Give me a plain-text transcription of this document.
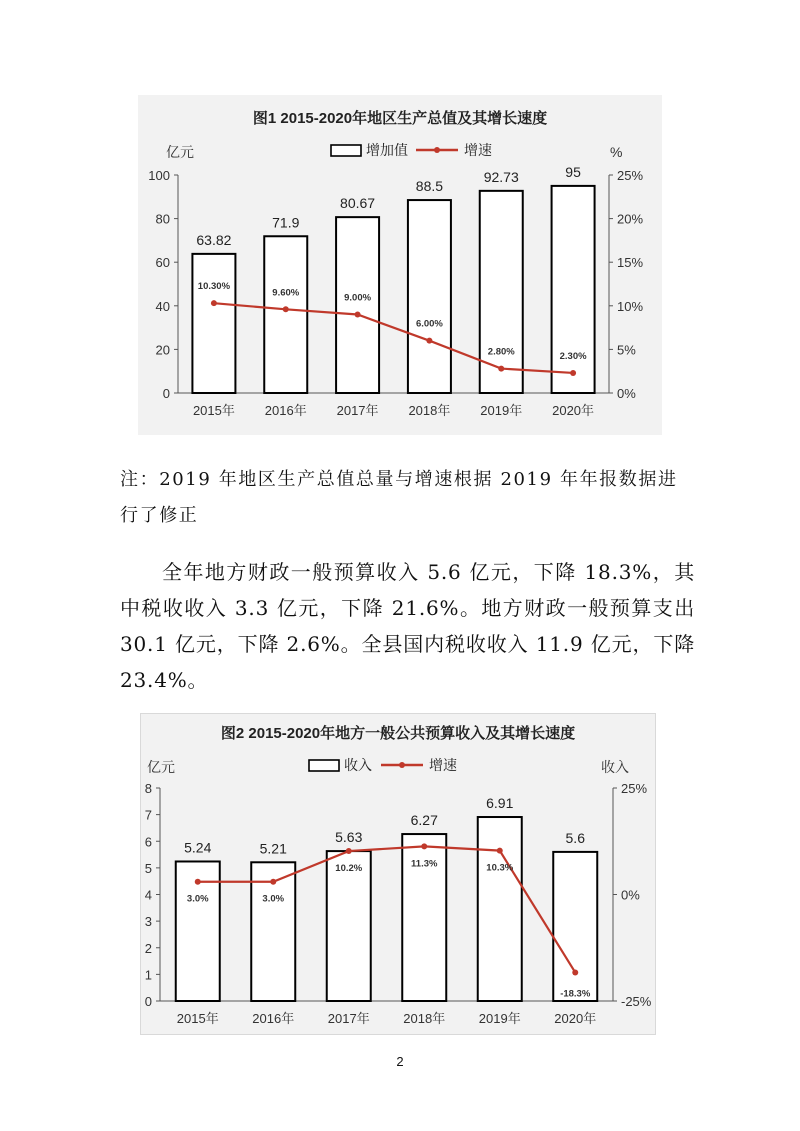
图1 2015-2020年地区生产总值及其增长速度
亿元	%
增加值	增速
0
20
40
60
80
100
0%
5%
10%
15%
20%
25%
63.82
2015年
71.9
2016年
80.67
2017年
88.5
2018年
92.73
2019年
95
2020年
10.30%
9.60%	9.00%
6.00%
2.80%	2.30%
注：2019 年地区生产总值总量与增速根据 2019 年年报数据进行了修正
全年地方财政一般预算收入 5.6 亿元，下降 18.3%，其中税收收入 3.3 亿元，下降 21.6%。地方财政一般预算支出 30.1 亿元，下降 2.6%。全县国内税收收入 11.9 亿元，下降 23.4%。
图2 2015-2020年地方一般公共预算收入及其增长速度
亿元	收入
收入	增速
0
1
2
3
4
5
6
7
8
-25%
0%
25%
5.24
2015年
5.21
2016年
5.63
2017年
6.27
2018年
6.91
2019年
5.6
2020年
3.0%	3.0%
10.2%	11.3%	10.3%
-18.3%
2
